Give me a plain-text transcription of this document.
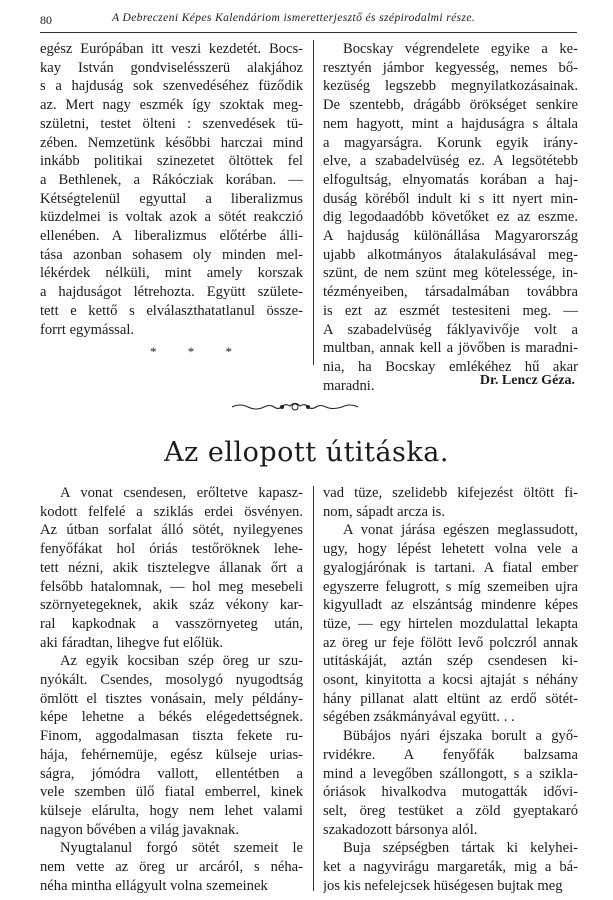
80	A Debreczeni Képes Kalendáriom ismeretterjesztő és szépirodalmi része.
egész Európában itt veszi kezdetét. Bocs-
kay István gondviselésszerü alakjához
s a hajduság sok szenvedéséhez füződik
az. Mert nagy eszmék így szoktak meg-
születni, testet ölteni : szenvedések tü-
zében. Nemzetünk későbbi harczai mind
inkább politikai szinezetet öltöttek fel
a Bethlenek, a Rákócziak korában. —
Kétségtelenül egyuttal a liberalizmus
küzdelmei is voltak azok a sötét reakczió
ellenében. A liberalizmus előtérbe álli-
tása azonban sohasem oly minden mel-
lékérdek nélküli, mint amely korszak
a hajduságot létrehozta. Együtt születe-
tett e kettő s elválaszthatatlanul össze-
forrt egymással.
Bocskay végrendelete egyike a ke-
resztyén jámbor kegyesség, nemes bő-
kezüség legszebb megnyilatkozásainak.
De szentebb, drágább örökséget senkire
nem hagyott, mint a hajduságra s általa
a magyarságra. Korunk egyik irány-
elve, a szabadelvüség ez. A legsötétebb
elfogultság, elnyomatás korában a haj-
duság köréből indult ki s itt nyert min-
dig legodaadóbb követőket ez az eszme.
A hajduság különállása Magyarország
ujabb alkotmányos átalakulásával meg-
szünt, de nem szünt meg kötelessége, in-
tézményeiben, társadalmában továbbra
is ezt az eszmét testesiteni meg. —
A szabadelvüség fáklyavivője volt a
multban, annak kell a jövőben is maradni-
nia, ha Bocskay emlékéhez hű akar
maradni.
* * *
Dr. Lencz Géza.
Az ellopott útitáska.
A vonat csendesen, erőltetve kapasz-
kodott felfelé a sziklás erdei ösvényen.
Az útban sorfalat álló sötét, nyilegyenes
fenyőfákat hol óriás testőröknek lehe-
tett nézni, akik tisztelegve állanak őrt a
felsőbb hatalomnak, — hol meg mesebeli
szörnyetegeknek, akik száz vékony kar-
ral kapkodnak a vasszörnyeteg után,
aki fáradtan, lihegve fut előlük.
Az egyik kocsiban szép öreg ur szu-
nyókált. Csendes, mosolygó nyugodtság
ömlött el tisztes vonásain, mely példány-
képe lehetne a békés elégedettségnek.
Finom, aggodalmasan tiszta fekete ru-
hája, fehérnemüje, egész külseje urias-
ságra, jómódra vallott, ellentétben a
vele szemben ülő fiatal emberrel, kinek
külseje elárulta, hogy nem lehet valami
nagyon bővében a világ javaknak.
Nyugtalanul forgó sötét szemeit le
nem vette az öreg ur arcáról, s néha-
néha mintha ellágyult volna szemeinek
vad tüze, szelidebb kifejezést öltött fi-
nom, sápadt arcza is.
A vonat járása egészen meglassudott,
ugy, hogy lépést lehetett volna vele a
gyalogjárónak is tartani. A fiatal ember
egyszerre felugrott, s míg szemeiben ujra
kigyulladt az elszántság mindenre képes
tüze, — egy hirtelen mozdulattal lekapta
az öreg ur feje fölött levő polczról annak
utitáskáját, aztán szép csendesen ki-
osont, kinyitotta a kocsi ajtaját s néhány
hány pillanat alatt eltünt az erdő sötét-
ségében zsákmányával együtt. . .
Bübájos nyári éjszaka borult a győ-
rvidékre. A fenyőfák balzsama
mind a levegőben szállongott, s a szikla-
óriások hivalkodva mutogatták idővi-
selt, öreg testüket a zöld gyeptakaró
szakadozott bársonya alól.
Buja szépségben tártak ki kelyhei-
ket a nagyvirágu margareták, mig a bá-
jos kis nefelejcsek hüségesen bujtak meg
